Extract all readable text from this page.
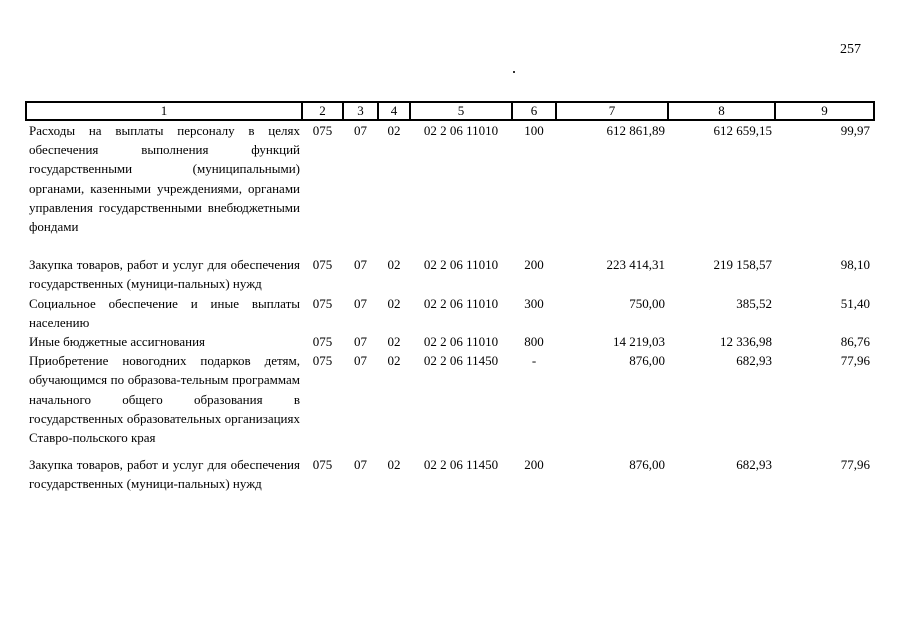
257
1	2	3	4	5	6	7	8	9
Расходы на выплаты персоналу в целях обеспечения выполнения функций государственными (муниципальными) органами, казенными учреждениями, органами управления государственными внебюджетными фондами	075	07	02	02 2 06 11010	100	612 861,89	612 659,15	99,97

Закупка товаров, работ и услуг для обеспечения государственных (муници-пальных) нужд	075	07	02	02 2 06 11010	200	223 414,31	219 158,57	98,10
Социальное обеспечение и иные выплаты населению	075	07	02	02 2 06 11010	300	750,00	385,52	51,40
Иные бюджетные ассигнования	075	07	02	02 2 06 11010	800	14 219,03	12 336,98	86,76
Приобретение новогодних подарков детям, обучающимся по образова-тельным программам начального общего образования в государственных образовательных организациях Ставро-польского края	075	07	02	02 2 06 11450	-	876,00	682,93	77,96

Закупка товаров, работ и услуг для обеспечения государственных (муници-пальных) нужд	075	07	02	02 2 06 11450	200	876,00	682,93	77,96
